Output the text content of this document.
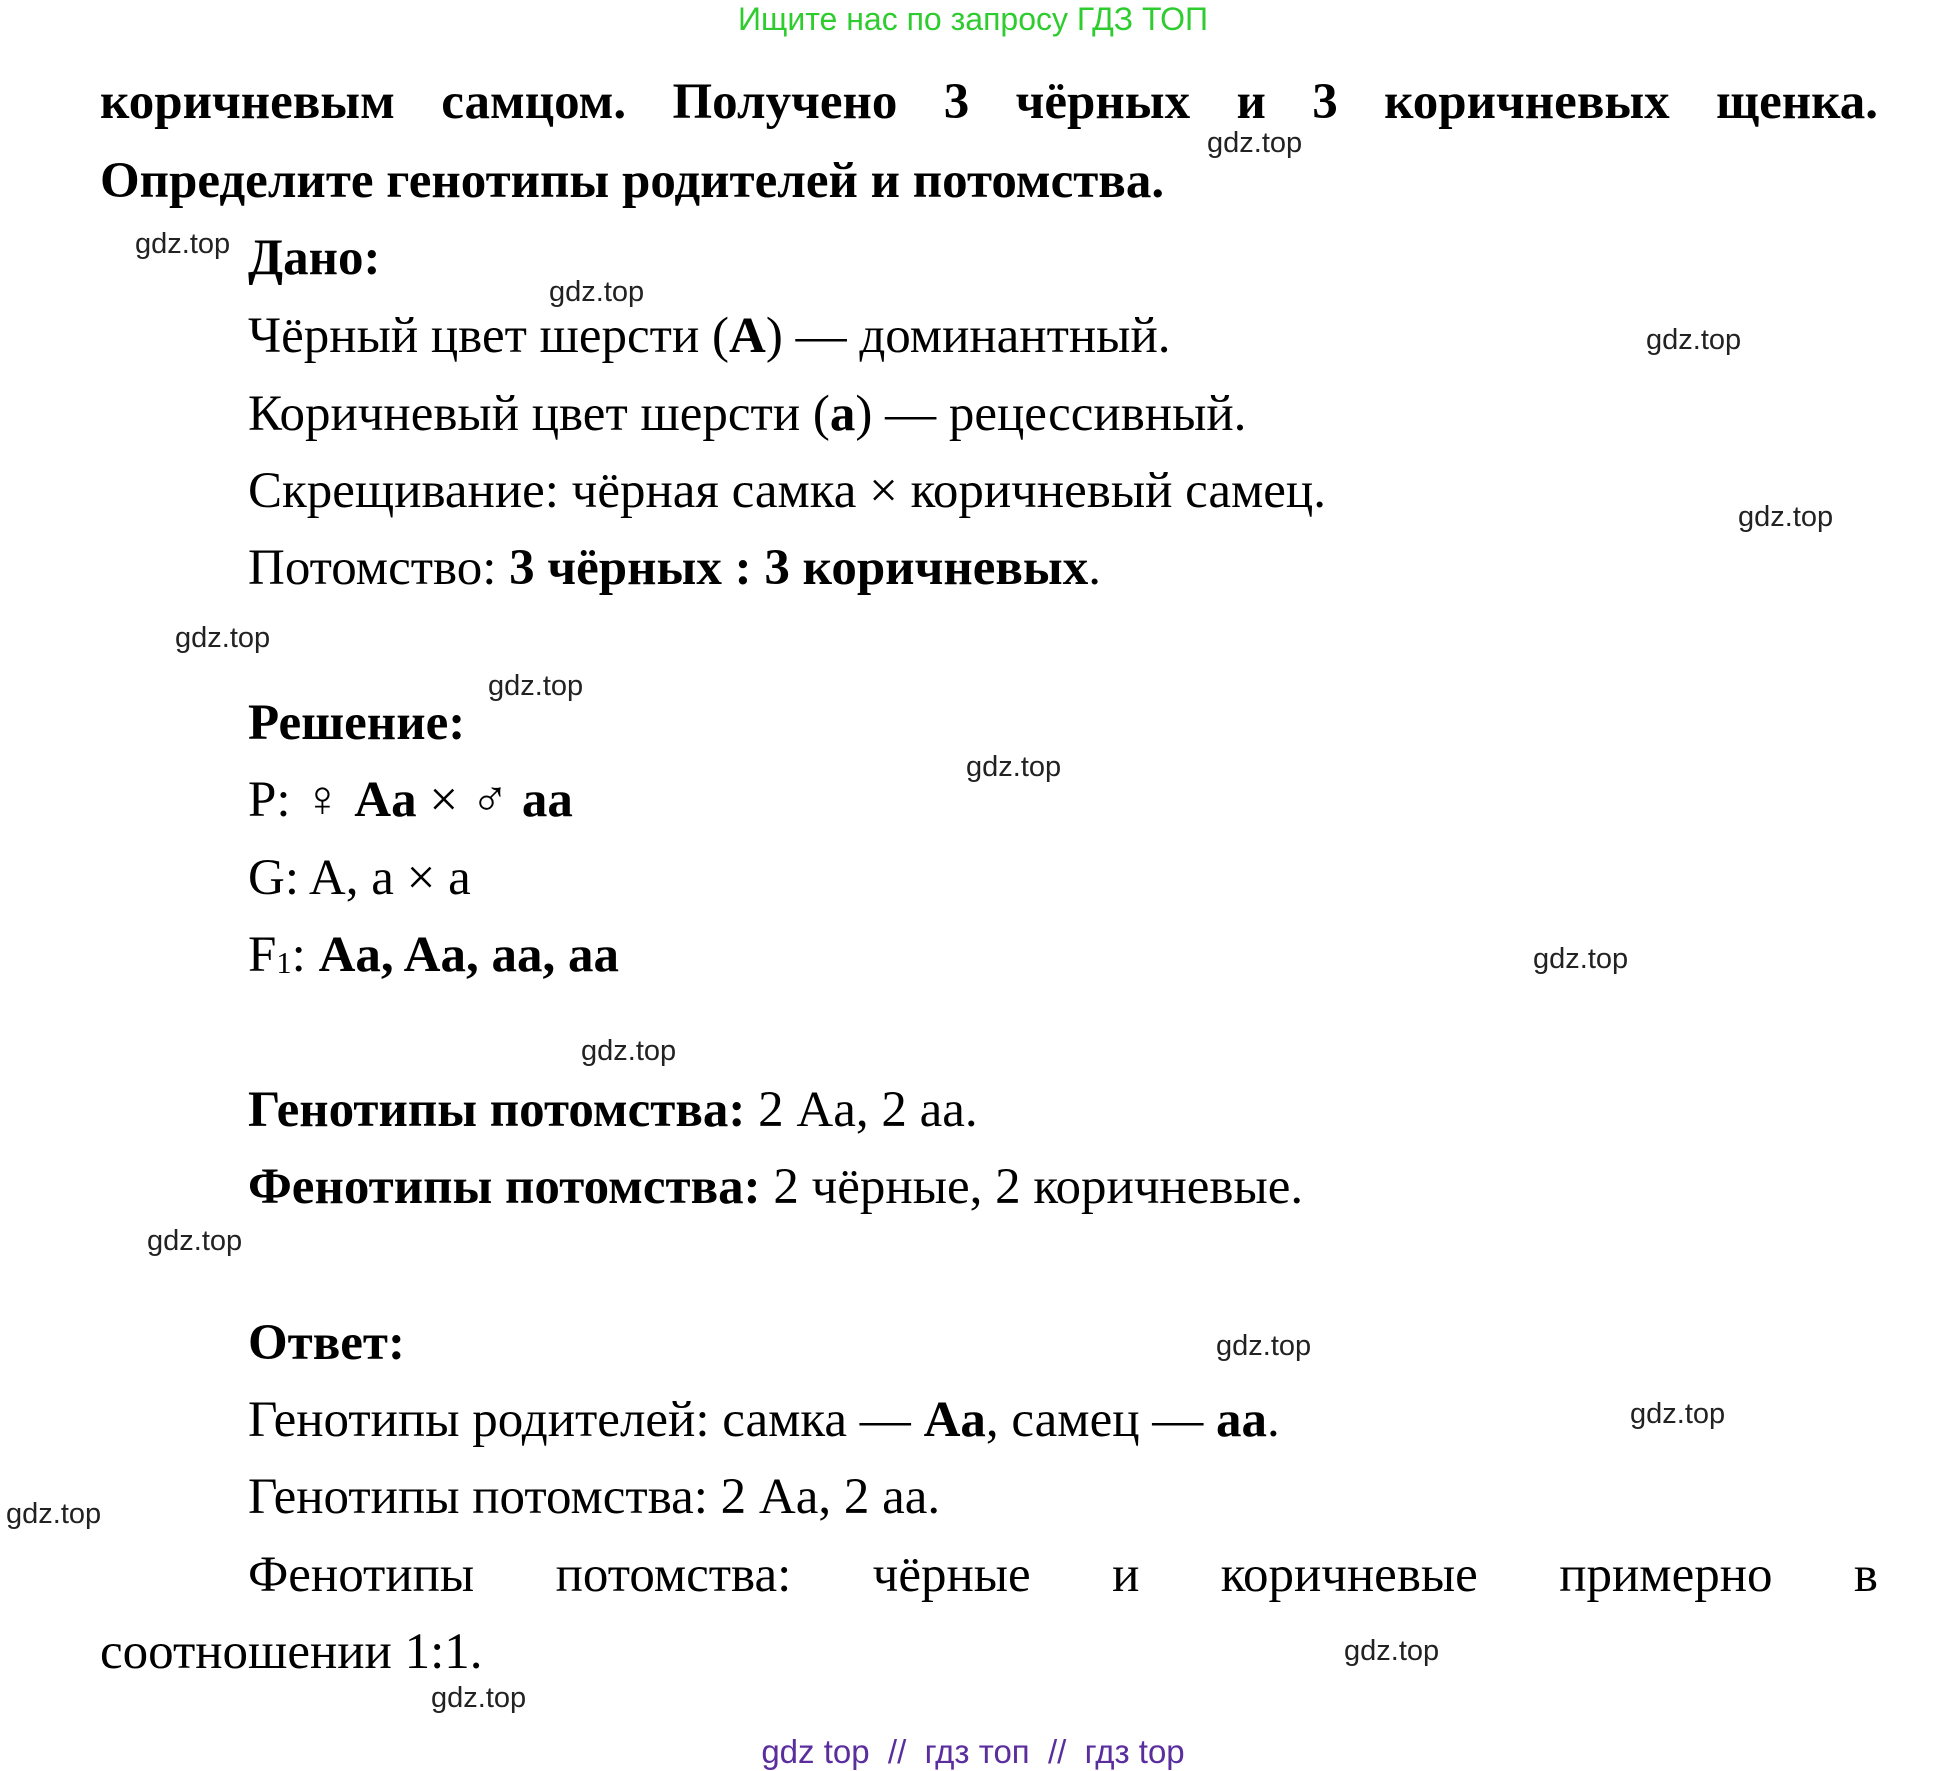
Ищите нас по запросу ГДЗ ТОП
коричневым самцом. Получено 3 чёрных и 3 коричневых щенка.
Определите генотипы родителей и потомства.
Дано:
Чёрный цвет шерсти (A) — доминантный.
Коричневый цвет шерсти (a) — рецессивный.
Скрещивание: чёрная самка × коричневый самец.
Потомство: 3 чёрных : 3 коричневых.
Решение:
P: ♀ Aa × ♂ aa
G: A, a × a
$F_1$: Aa, Aa, aa, aa
Генотипы потомства: 2 Aa, 2 aa.
Фенотипы потомства: 2 чёрные, 2 коричневые.
Ответ:
Генотипы родителей: самка — Aa, самец — aa.
Генотипы потомства: 2 Aa, 2 aa.
Фенотипы потомства: чёрные и коричневые примерно в
соотношении 1:1.
gdz.top
gdz.top
gdz.top
gdz.top
gdz.top
gdz.top
gdz.top
gdz.top
gdz.top
gdz.top
gdz.top
gdz.top
gdz.top
gdz.top
gdz.top
gdz.top
gdz top  //  гдз топ  //  гдз top
